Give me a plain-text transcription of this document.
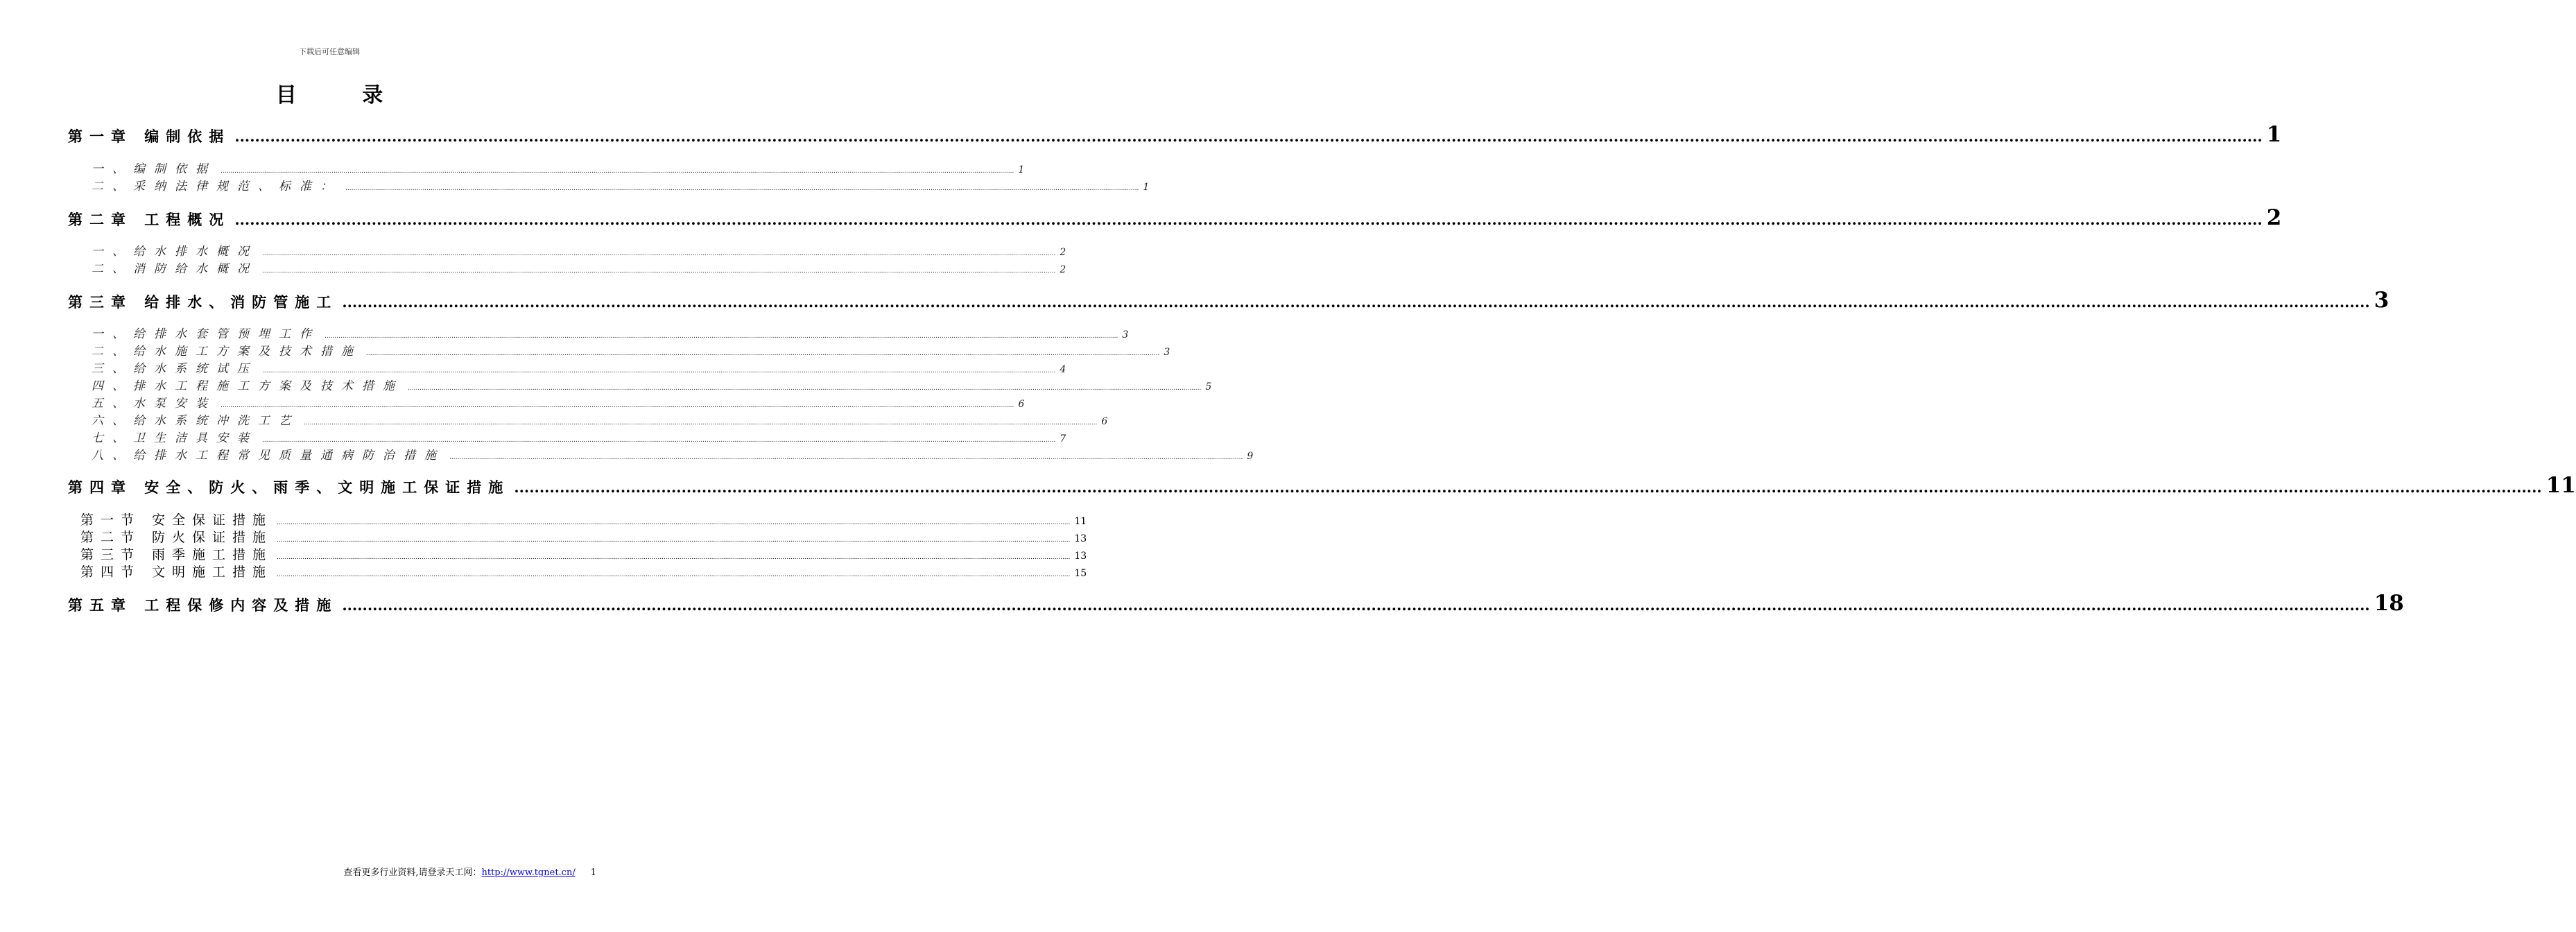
下载后可任意编辑
目 录
第一章 编制依据 ................................................................................................................................................................................................................................................................................................................................................................................................................ 1
一、编制依据 ................................................................................................................................................................................................................................................................................................................................................................................................................ 1
二、采纳法律规范、标准： ................................................................................................................................................................................................................................................................................................................................................................................................................ 1
第二章 工程概况 ................................................................................................................................................................................................................................................................................................................................................................................................................ 2
一、给水排水概况 ................................................................................................................................................................................................................................................................................................................................................................................................................ 2
二、消防给水概况 ................................................................................................................................................................................................................................................................................................................................................................................................................ 2
第三章 给排水、消防管施工 ................................................................................................................................................................................................................................................................................................................................................................................................................ 3
一、给排水套管预埋工作 ................................................................................................................................................................................................................................................................................................................................................................................................................ 3
二、给水施工方案及技术措施 ................................................................................................................................................................................................................................................................................................................................................................................................................ 3
三、给水系统试压 ................................................................................................................................................................................................................................................................................................................................................................................................................ 4
四、排水工程施工方案及技术措施 ................................................................................................................................................................................................................................................................................................................................................................................................................ 5
五、水泵安装 ................................................................................................................................................................................................................................................................................................................................................................................................................ 6
六、给水系统冲洗工艺 ................................................................................................................................................................................................................................................................................................................................................................................................................ 6
七、卫生洁具安装 ................................................................................................................................................................................................................................................................................................................................................................................................................ 7
八、给排水工程常见质量通病防治措施 ................................................................................................................................................................................................................................................................................................................................................................................................................ 9
第四章 安全、防火、雨季、文明施工保证措施 ................................................................................................................................................................................................................................................................................................................................................................................................................ 11
第一节 安全保证措施 ................................................................................................................................................................................................................................................................................................................................................................................................................ 11
第二节 防火保证措施 ................................................................................................................................................................................................................................................................................................................................................................................................................ 13
第三节 雨季施工措施 ................................................................................................................................................................................................................................................................................................................................................................................................................ 13
第四节 文明施工措施 ................................................................................................................................................................................................................................................................................................................................................................................................................ 15
第五章 工程保修内容及措施 ................................................................................................................................................................................................................................................................................................................................................................................................................ 18
查看更多行业资料,请登录天工网：http://www.tgnet.cn/ 1
